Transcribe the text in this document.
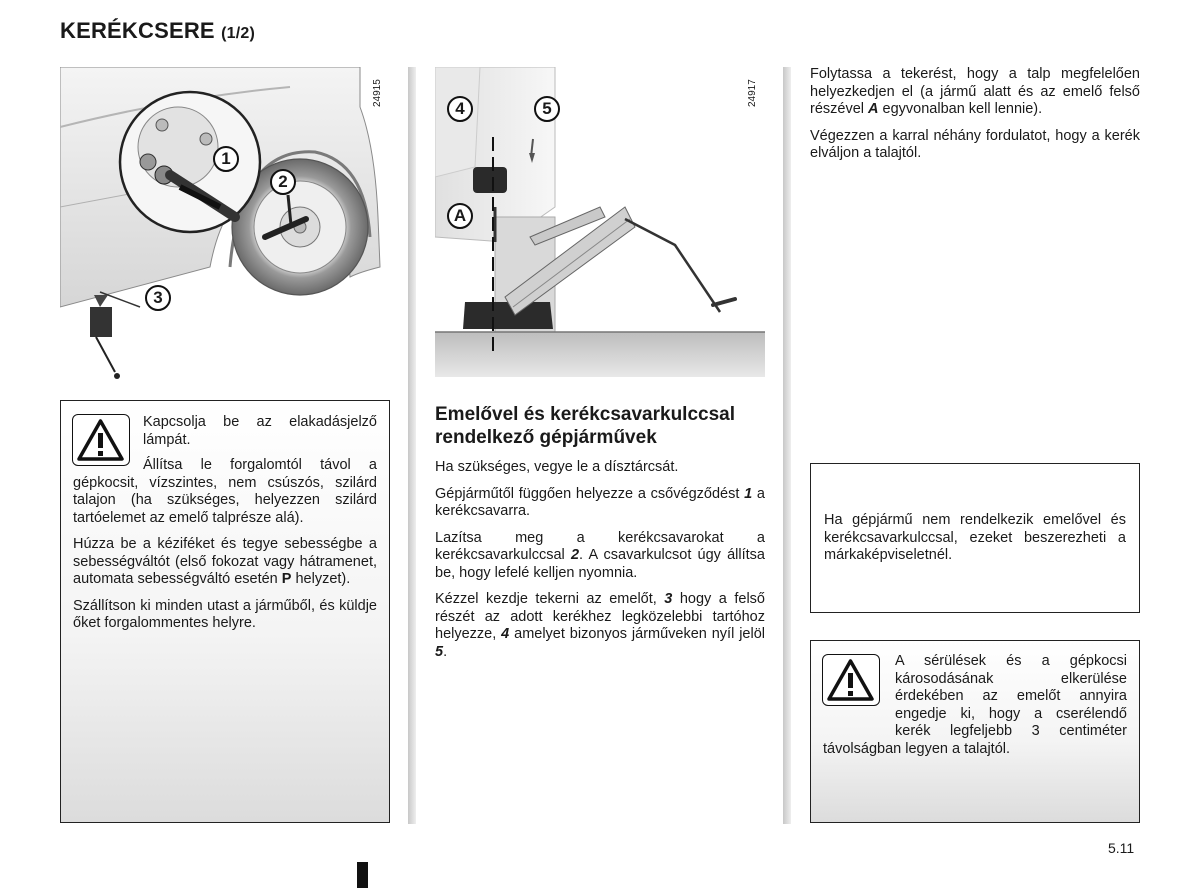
KERÉKCSERE (1/2)
24915
1
2
3
24917
4	5
A

Kapcsolja be az elakadásjelző lámpát.

Állítsa le forgalomtól távol a gépkocsit, vízszintes, nem csúszós, szilárd talajon (ha szükséges, helyezzen szilárd tartóelemet az emelő talprésze alá).

Húzza be a kéziféket és tegye sebességbe a sebességváltót (első fokozat vagy hátramenet, automata sebességváltó esetén P helyzet).

Szállítson ki minden utast a járműből, és küldje őket forgalommentes helyre.

Emelővel és kerékcsavarkulccsal rendelkező gépjárművek

Ha szükséges, vegye le a dísztárcsát.

Gépjárműtől függően helyezze a csővégződést 1 a kerékcsavarra.

Lazítsa meg a kerékcsavarokat a kerékcsavarkulccsal 2. A csavarkulcsot úgy állítsa be, hogy lefelé kelljen nyomnia.

Kézzel kezdje tekerni az emelőt, 3 hogy a felső részét az adott kerékhez legközelebbi tartóhoz helyezze, 4 amelyet bizonyos járműveken nyíl jelöl 5.

Folytassa a tekerést, hogy a talp megfelelően helyezkedjen el (a jármű alatt és az emelő felső részével A egyvonalban kell lennie).

Végezzen a karral néhány fordulatot, hogy a kerék elváljon a talajtól.

Ha gépjármű nem rendelkezik emelővel és kerékcsavarkulccsal, ezeket beszerezheti a márkaképviseletnél.

A sérülések és a gépkocsi károsodásának elkerülése érdekében az emelőt annyira engedje ki, hogy a cserélendő kerék legfeljebb 3 centiméter távolságban legyen a talajtól.

5.11
